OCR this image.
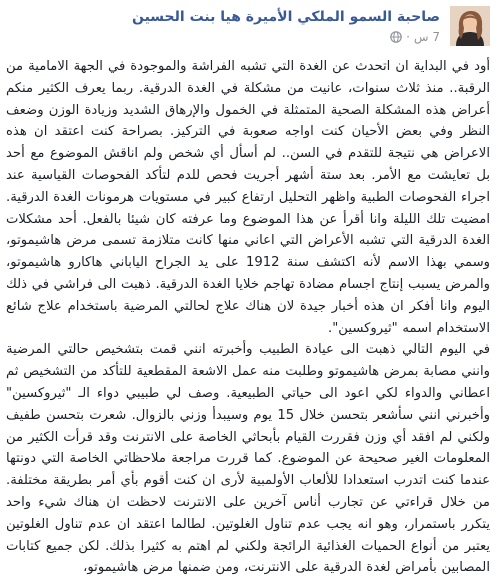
صاحبة السمو الملكي الأميرة هيا بنت الحسين
7 س
·

أود في البداية ان اتحدث عن الغدة التي تشبه الفراشة والموجودة في الجهة الامامية من الرقبة.. منذ ثلاث سنوات، عانيت من مشكلة في الغدة الدرقية. ربما يعرف الكثير منكم أعراض هذه المشكلة الصحية المتمثلة في الخمول والإرهاق الشديد وزيادة الوزن وضعف النظر وفي بعض الأحيان كنت اواجه صعوبة في التركيز. بصراحة كنت اعتقد ان هذه الاعراض هي نتيجة للتقدم في السن.. لم أسأل أي شخص ولم اناقش الموضوع مع أحد بل تعايشت مع الأمر. بعد ستة أشهر أجريت فحص للدم لتأكد الفحوصات القياسية عند اجراء الفحوصات الطبية واظهر التحليل ارتفاع كبير في مستويات هرمونات الغدة الدرقية. امضيت تلك الليلة وانا أقرأ عن هذا الموضوع وما عرفته كان شيئا بالفعل. أحد مشكلات الغدة الدرقية التي تشبه الأعراض التي اعاني منها كانت متلازمة تسمى مرض هاشيموتو، وسمي بهذا الاسم لأنه اكتشف سنة 1912 على يد الجراح الياباني هاكارو هاشيموتو، والمرض يسبب إنتاج اجسام مضادة تهاجم خلايا الغدة الدرقية. ذهبت الى فراشي في ذلك اليوم وانا أفكر ان هذه أخبار جيدة لان هناك علاج لحالتي المرضية باستخدام علاج شائع الاستخدام اسمه "ثيروكسين".

في اليوم التالي ذهبت الى عيادة الطبيب وأخبرته انني قمت بتشخيص حالتي المرضية وانني مصابة بمرض هاشيموتو وطلبت منه عمل الاشعة المقطعية للتأكد من التشخيص ثم اعطاني والدواء لكي اعود الى حياتي الطبيعية. وصف لي طبيبي دواء الـ "ثيروكسين" وأخبرني انني سأشعر بتحسن خلال 15 يوم وسيبدأ وزني بالزوال. شعرت بتحسن طفيف ولكني لم افقد أي وزن فقررت القيام بأبحاثي الخاصة على الانترنت وقد قرأت الكثير من المعلومات الغير صحيحة عن الموضوع. كما قررت مراجعة ملاحظاتي الخاصة التي دونتها عندما كنت اتدرب استعدادا للألعاب الأولمبية لأرى ان كنت أقوم بأي أمر بطريقة مختلفة. من خلال قراءتي عن تجارب أناس آخرين على الانترنت لاحظت ان هناك شيء واحد يتكرر باستمرار، وهو انه يجب عدم تناول الغلوتين. لطالما اعتقد ان عدم تناول الغلوتين يعتبر من أنواع الحميات الغذائية الرائجة ولكني لم اهتم به كثيرا بذلك. لكن جميع كتابات المصابين بأمراض لغدة الدرقية على الانترنت، ومن ضمنها مرض هاشيموتو،
